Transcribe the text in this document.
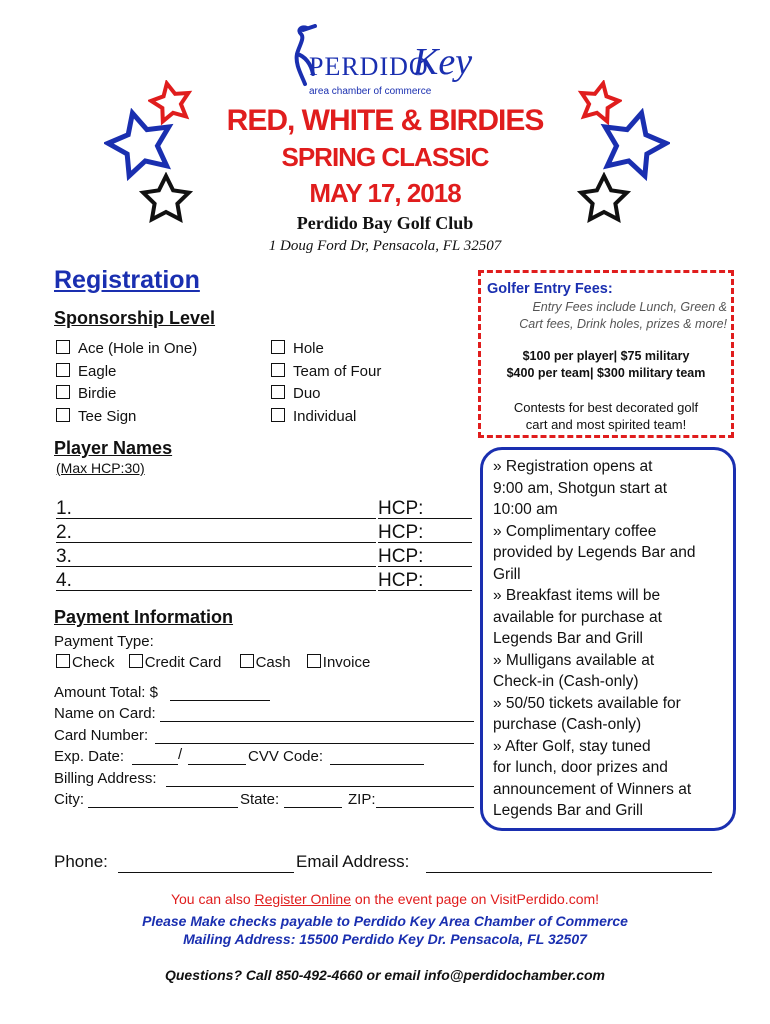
PERDIDO
Key
area chamber of commerce
RED, WHITE & BIRDIES
SPRING CLASSIC
MAY 17, 2018
Perdido Bay Golf Club
1 Doug Ford Dr, Pensacola, FL 32507
Registration
Sponsorship Level
Ace (Hole in One)
Eagle
Birdie
Tee Sign
Hole
Team of Four
Duo
Individual
Player Names
(Max HCP:30)
1.	HCP:
2.	HCP:
3.	HCP:
4.	HCP:
Payment Information
Payment Type:
Check Credit Card Cash Invoice
Amount Total: $
Name on Card:
Card Number:
Exp. Date:	/	CVV Code:
Billing Address:
City:	State:	ZIP:
Golfer Entry Fees:
Entry Fees include Lunch, Green &
Cart fees, Drink holes, prizes & more!
$100 per player| $75 military
$400 per team| $300 military team
Contests for best decorated golf
cart and most spirited team!
» Registration opens at
9:00 am, Shotgun start at
10:00 am
» Complimentary coffee
provided by Legends Bar and
Grill
» Breakfast items will be
available for purchase at
Legends Bar and Grill
» Mulligans available at
Check-in (Cash-only)
» 50/50 tickets available for
purchase (Cash-only)
» After Golf, stay tuned
for lunch, door prizes and
announcement of Winners at
Legends Bar and Grill
Phone:	Email Address:
You can also Register Online on the event page on VisitPerdido.com!
Please Make checks payable to Perdido Key Area Chamber of Commerce
Mailing Address: 15500 Perdido Key Dr. Pensacola, FL 32507
Questions? Call 850-492-4660 or email info@perdidochamber.com
